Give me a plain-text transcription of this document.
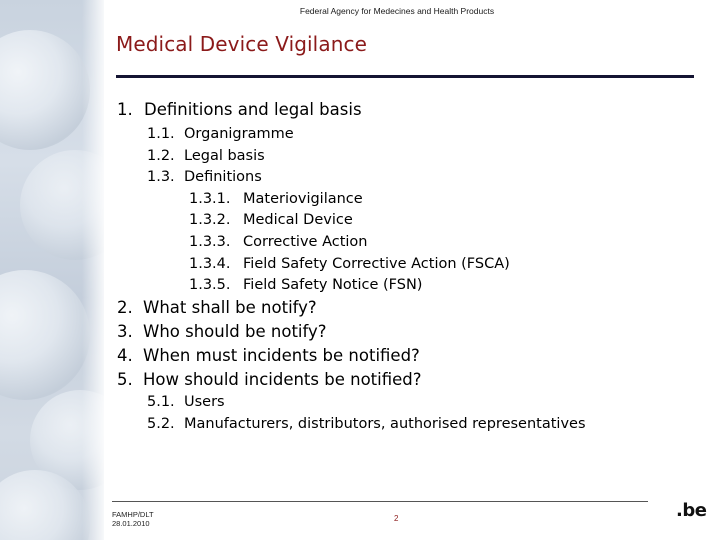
Federal Agency for Medecines and Health Products
Medical Device Vigilance
1. Definitions and legal basis
1.1. Organigramme
1.2. Legal basis
1.3. Definitions
1.3.1. Materiovigilance
1.3.2. Medical Device
1.3.3. Corrective Action
1.3.4. Field Safety Corrective Action (FSCA)
1.3.5. Field Safety Notice (FSN)
2. What shall be notify?
3. Who should be notify?
4. When must incidents be notified?
5. How should incidents be notified?
5.1. Users
5.2. Manufacturers, distributors, authorised representatives
FAMHP/DLT
28.01.2010
2	.be
